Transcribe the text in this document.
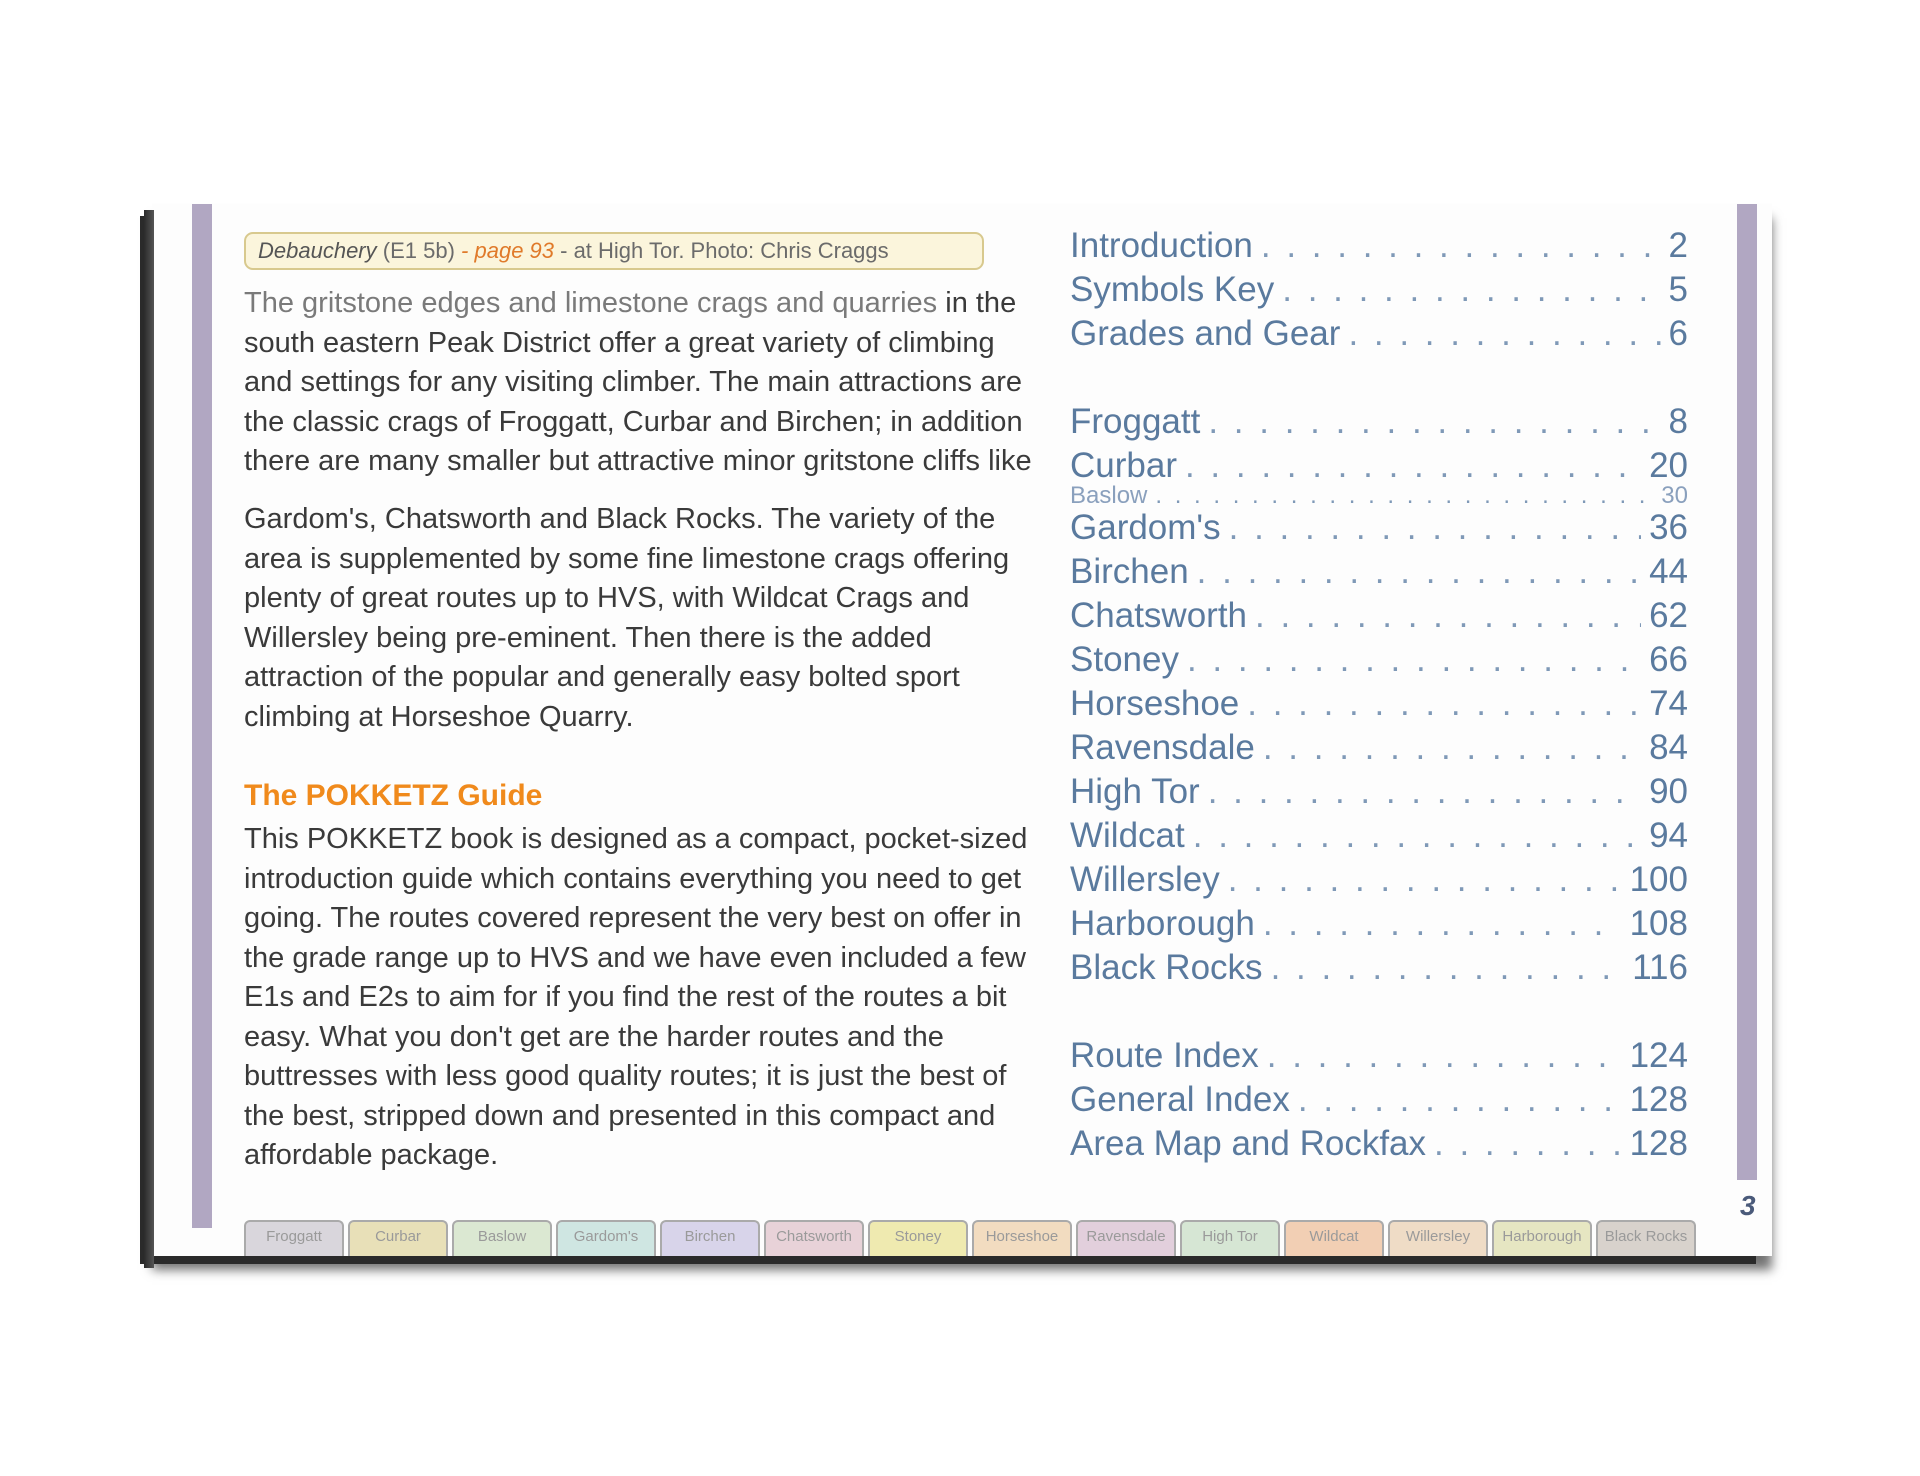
Debauchery (E1 5b) - page 93 - at High Tor. Photo: Chris Craggs

The gritstone edges and limestone crags and quarries in the south eastern Peak District offer a great variety of climbing and settings for any visiting climber. The main attractions are the classic crags of Froggatt, Curbar and Birchen; in addition there are many smaller but attractive minor gritstone cliffs like

Gardom's, Chatsworth and Black Rocks. The variety of the area is supplemented by some fine limestone crags offering plenty of great routes up to HVS, with Wildcat Crags and Willersley being pre-eminent. Then there is the added attraction of the popular and generally easy bolted sport climbing at Horseshoe Quarry.

The POKKETZ Guide

This POKKETZ book is designed as a compact, pocket-sized introduction guide which contains everything you need to get going. The routes covered represent the very best on offer in the grade range up to HVS and we have even included a few E1s and E2s to aim for if you find the rest of the routes a bit easy. What you don't get are the harder routes and the buttresses with less good quality routes; it is just the best of the best, stripped down and presented in this compact and affordable package.

Introduction . . .	2
Symbols Key . . .	5
Grades and Gear . . .	6
Froggatt . . .	8
Curbar . . .	20
Baslow . . .	30
Gardom's . . .	36
Birchen . . .	44
Chatsworth . . .	62
Stoney . . .	66
Horseshoe . . .	74
Ravensdale . . .	84
High Tor . . .	90
Wildcat . . .	94
Willersley . . .	100
Harborough . . .	108
Black Rocks . . .	116
Route Index . . .	124
General Index . . .	128
Area Map and Rockfax . . .	128
3
Froggatt	Curbar	Baslow	Gardom's	Birchen	Chatsworth	Stoney	Horseshoe	Ravensdale	High Tor	Wildcat	Willersley	Harborough	Black Rocks
